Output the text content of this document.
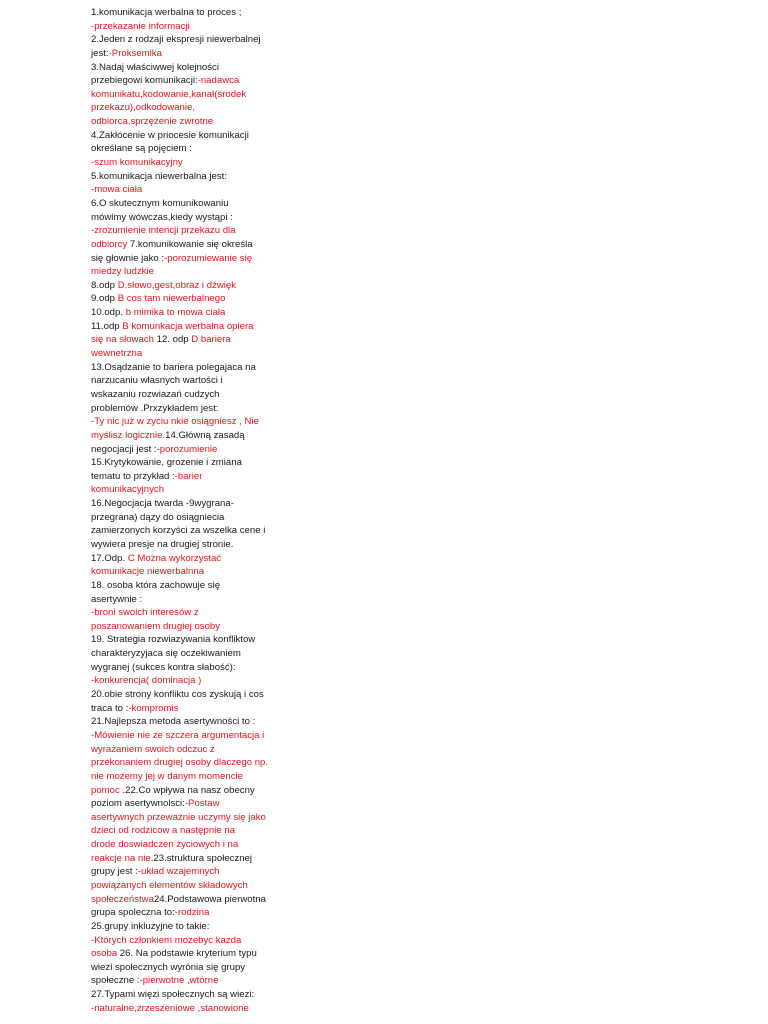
1.komunikacja werbalna to proces ;
-przekazanie informacji
2.Jeden z rodzaji ekspresji niewerbalnej
jest:-Proksemika
3.Nadaj właściwwej kolejności
przebiegowi komunikacji:-nadawca
komunikatu,kodowanie,kanał(środek
przekazu),odkodowanie,
odbiorca,sprzężenie zwrotne
4.Zakłócenie w priocesie komunikacji
określane są pojęciem :
-szum komunikacyjny
5.komunikacja niewerbalna jest:
-mowa ciała
6.O skutecznym komunikowaniu
mówimy wówczas,kiedy wystąpi :
-zrozumienie intencji przekazu dla
odbiorcy 7.komunikowanie się określa
się głownie jako :-porozumiewanie się
miedzy ludzkie
8.odp D.słowo,gest,obraz i dźwięk
9.odp B cos tam niewerbalnego
10.odp. b mimika to mowa ciała
11.odp B komunkacja werbalna opiera
się na słowach 12. odp D bariera
wewnetrzna
13.Osądzanie to bariera polegajaca na
narzucaniu własnych wartości i
wskazaniu rozwiazań cudzych
problemów .Prxzykładem jest:
-Ty nic już w zyciu nkie osiągniesz , Nie
myślisz logicznie.14.Główną zasadą
negocjacji jest :-porozumienie
15.Krytykowanie, grozenie i zmiana
tematu to przykład :-barier
komunikacyjnych
16.Negocjacja twarda -9wygrana-
przegrana) dązy do osiągniecia
zamierzonych korzyści za wszelka cene i
wywiera presje na drugiej stronie.
17.Odp. C Można wykorzystać
komunikacje niewerbalnna
18. osoba która zachowuje się
asertywnie :
-broni swoich interesów z
poszanowaniem drugiej osoby
19. Strategia rozwiazywania konfliktow
charakteryzyjaca się oczekiwaniem
wygranej (sukces kontra słabość):
-konkurencja( dominacja )
20.obie strony konfliktu cos zyskują i cos
traca to :-kompromis
21.Najlepsza metoda asertywności to :
-Mówienie nie ze szczera argumentacja i
wyrażaniem swoich odczuc z
przekonaniem drugiej osoby dlaczego np.
nie możemy jej w danym momencie
pomoc .22.Co wpływa na nasz obecny
poziom asertywnolsci:-Postaw
asertywnych przeważnie uczymy się jako
dzieci od rodzicow a następnie na
drode doswiadczen życiowych i na
reakcje na nie.23.struktura społecznej
grupy jest :-układ wzajemnych
powiązanych elementów składowych
społeczeństwa24.Podstawowa pierwotna
grupa spoleczna to:-rodzina
25.grupy inkluzyjne to takie:
-Których członkiem mozebyc kazda
osoba 26. Na podstawie kryterium typu
wiezi społecznych wyrónia się grupy
społeczne :-pierwotne ,wtórne
27.Typami więzi społecznych są wiezi:
-naturalne,zrzeszeniowe ,stanowione
